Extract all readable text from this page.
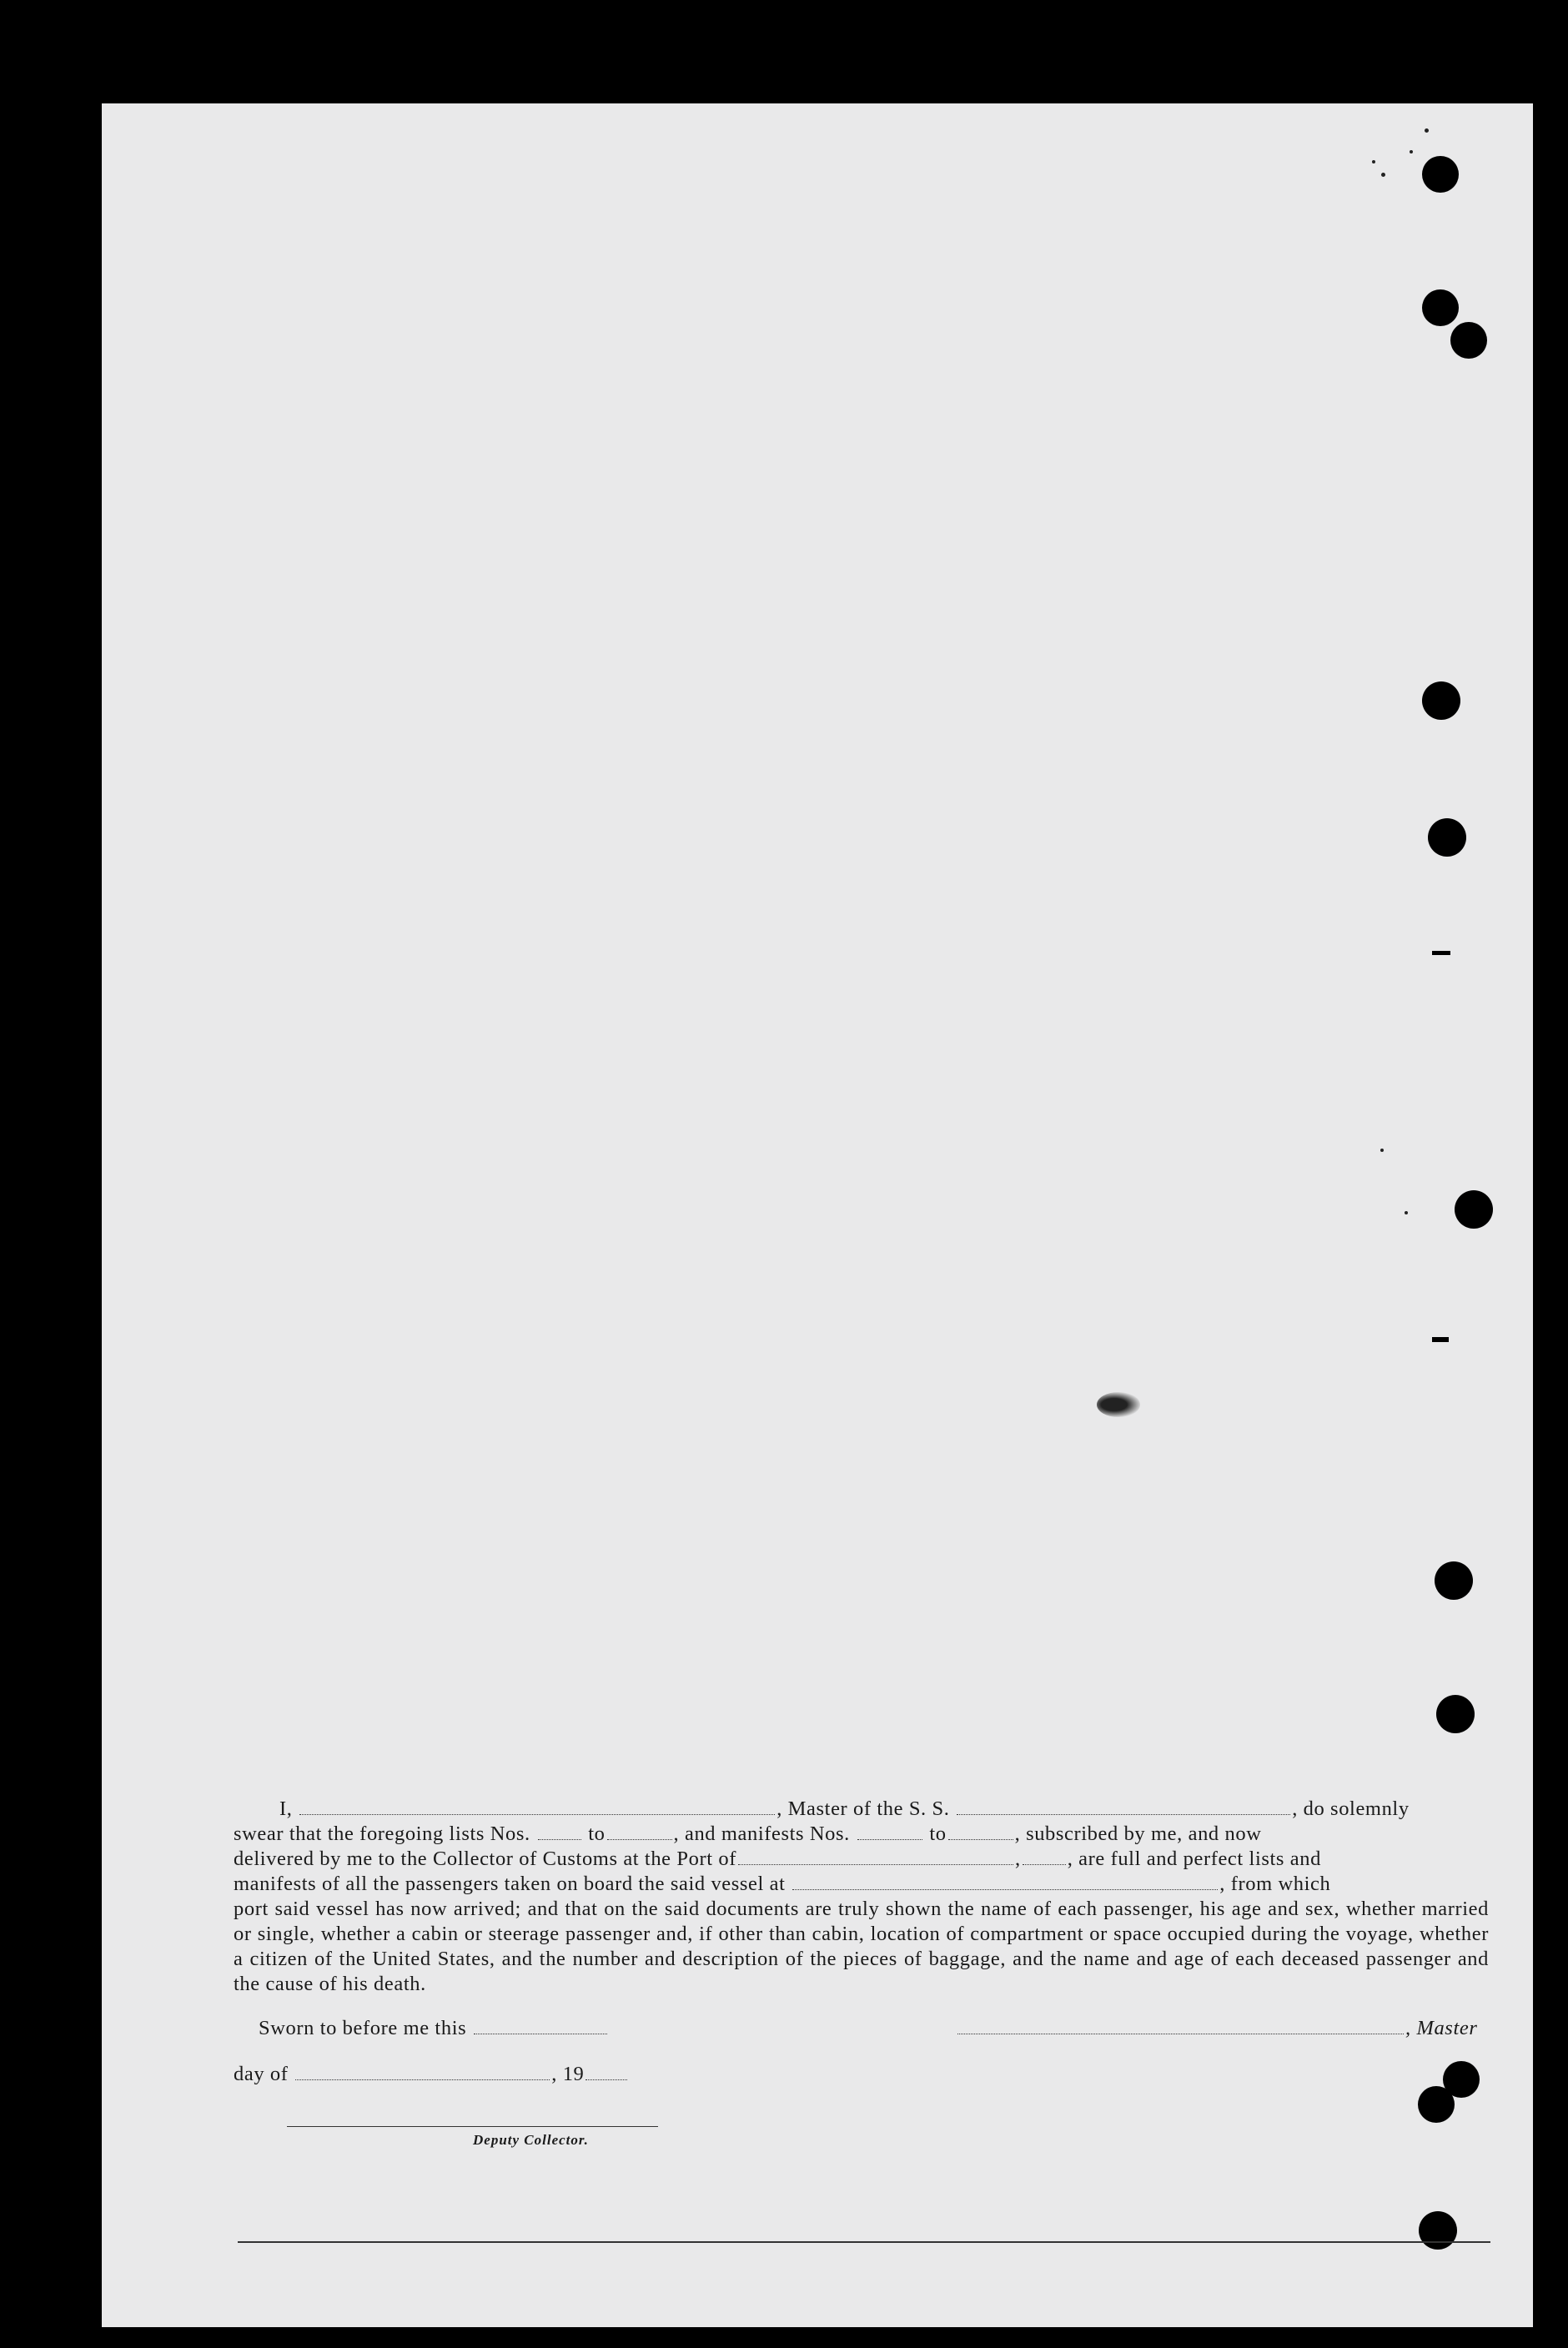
I,	, Master of the S. S.	, do solemnly

swear that the foregoing lists Nos.	to	, and manifests Nos.	to	, subscribed by me, and now
delivered by me to the Collector of Customs at the Port of	, , are full and perfect lists and
manifests of all the passengers taken on board the said vessel at	, from which
port said vessel has now arrived; and that on the said documents are truly shown the name of each passenger, his age and sex, whether married or single, whether a cabin or steerage passenger and, if other than cabin, location of compartment or space occupied during the voyage, whether a citizen of the United States, and the number and description of the pieces of baggage, and the name and age of each deceased passenger and the cause of his death.
Sworn to before me this	, Master
day of	, 19
Deputy Collector.
